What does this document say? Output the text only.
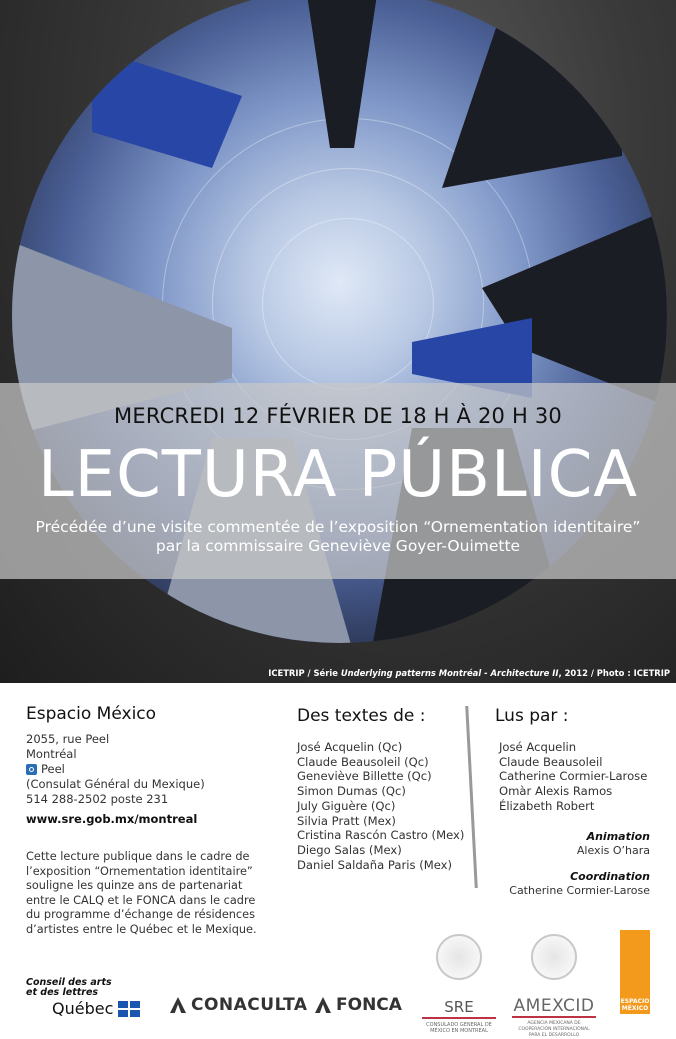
MERCREDI 12 FÉVRIER DE 18 H À 20 H 30
LECTURA PÚBLICA
Précédée d’une visite commentée de l’exposition “Ornementation identitaire”
par la commissaire Geneviève Goyer-Ouimette
ICETRIP / Série Underlying patterns Montréal - Architecture II, 2012 / Photo : ICETRIP
Espacio México
2055, rue Peel
Montréal
Peel
(Consulat Général du Mexique)
514 288-2502 poste 231
www.sre.gob.mx/montreal
Cette lecture publique dans le cadre de l’exposition “Ornementation identitaire” souligne les quinze ans de partenariat entre le CALQ et le FONCA dans le cadre du programme d’échange de résidences d’artistes entre le Québec et le Mexique.
Des textes de :
José Acquelin (Qc)
Claude Beausoleil (Qc)
Geneviève Billette (Qc)
Simon Dumas (Qc)
July Giguère (Qc)
Silvia Pratt (Mex)
Cristina Rascón Castro (Mex)
Diego Salas (Mex)
Daniel Saldaña Paris (Mex)
Lus par :
José Acquelin
Claude Beausoleil
Catherine Cormier-Larose
Omàr Alexis Ramos
Élizabeth Robert
Animation
Alexis O’hara
Coordination
Catherine Cormier-Larose
Conseil des arts
et des lettres
Québec	CONACULTA FONCA	SRE
CONSULADO GENERAL DE MÉXICO EN MONTREAL
AMEXCID
AGENCIA MEXICANA DE COOPERACIÓN INTERNACIONAL PARA EL DESARROLLO
ESPACIO MÉXICO
